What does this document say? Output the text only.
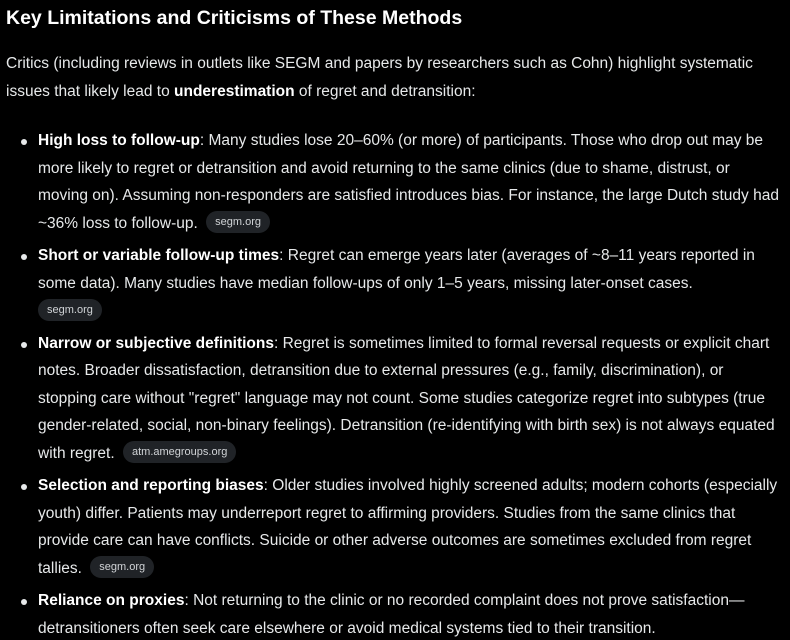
Key Limitations and Criticisms of These Methods

Critics (including reviews in outlets like SEGM and papers by researchers such as Cohn) highlight systematic issues that likely lead to underestimation of regret and detransition:

High loss to follow-up: Many studies lose 20–60% (or more) of participants. Those who drop out may be more likely to regret or detransition and avoid returning to the same clinics (due to shame, distrust, or moving on). Assuming non-responders are satisfied introduces bias. For instance, the large Dutch study had ~36% loss to follow-up. segm.org
Short or variable follow-up times: Regret can emerge years later (averages of ~8–11 years reported in some data). Many studies have median follow-ups of only 1–5 years, missing later-onset cases.
segm.org
Narrow or subjective definitions: Regret is sometimes limited to formal reversal requests or explicit chart notes. Broader dissatisfaction, detransition due to external pressures (e.g., family, discrimination), or stopping care without "regret" language may not count. Some studies categorize regret into subtypes (true gender-related, social, non-binary feelings). Detransition (re-identifying with birth sex) is not always equated with regret. atm.amegroups.org
Selection and reporting biases: Older studies involved highly screened adults; modern cohorts (especially youth) differ. Patients may underreport regret to affirming providers. Studies from the same clinics that provide care can have conflicts. Suicide or other adverse outcomes are sometimes excluded from regret tallies. segm.org
Reliance on proxies: Not returning to the clinic or no recorded complaint does not prove satisfaction—detransitioners often seek care elsewhere or avoid medical systems tied to their transition.
